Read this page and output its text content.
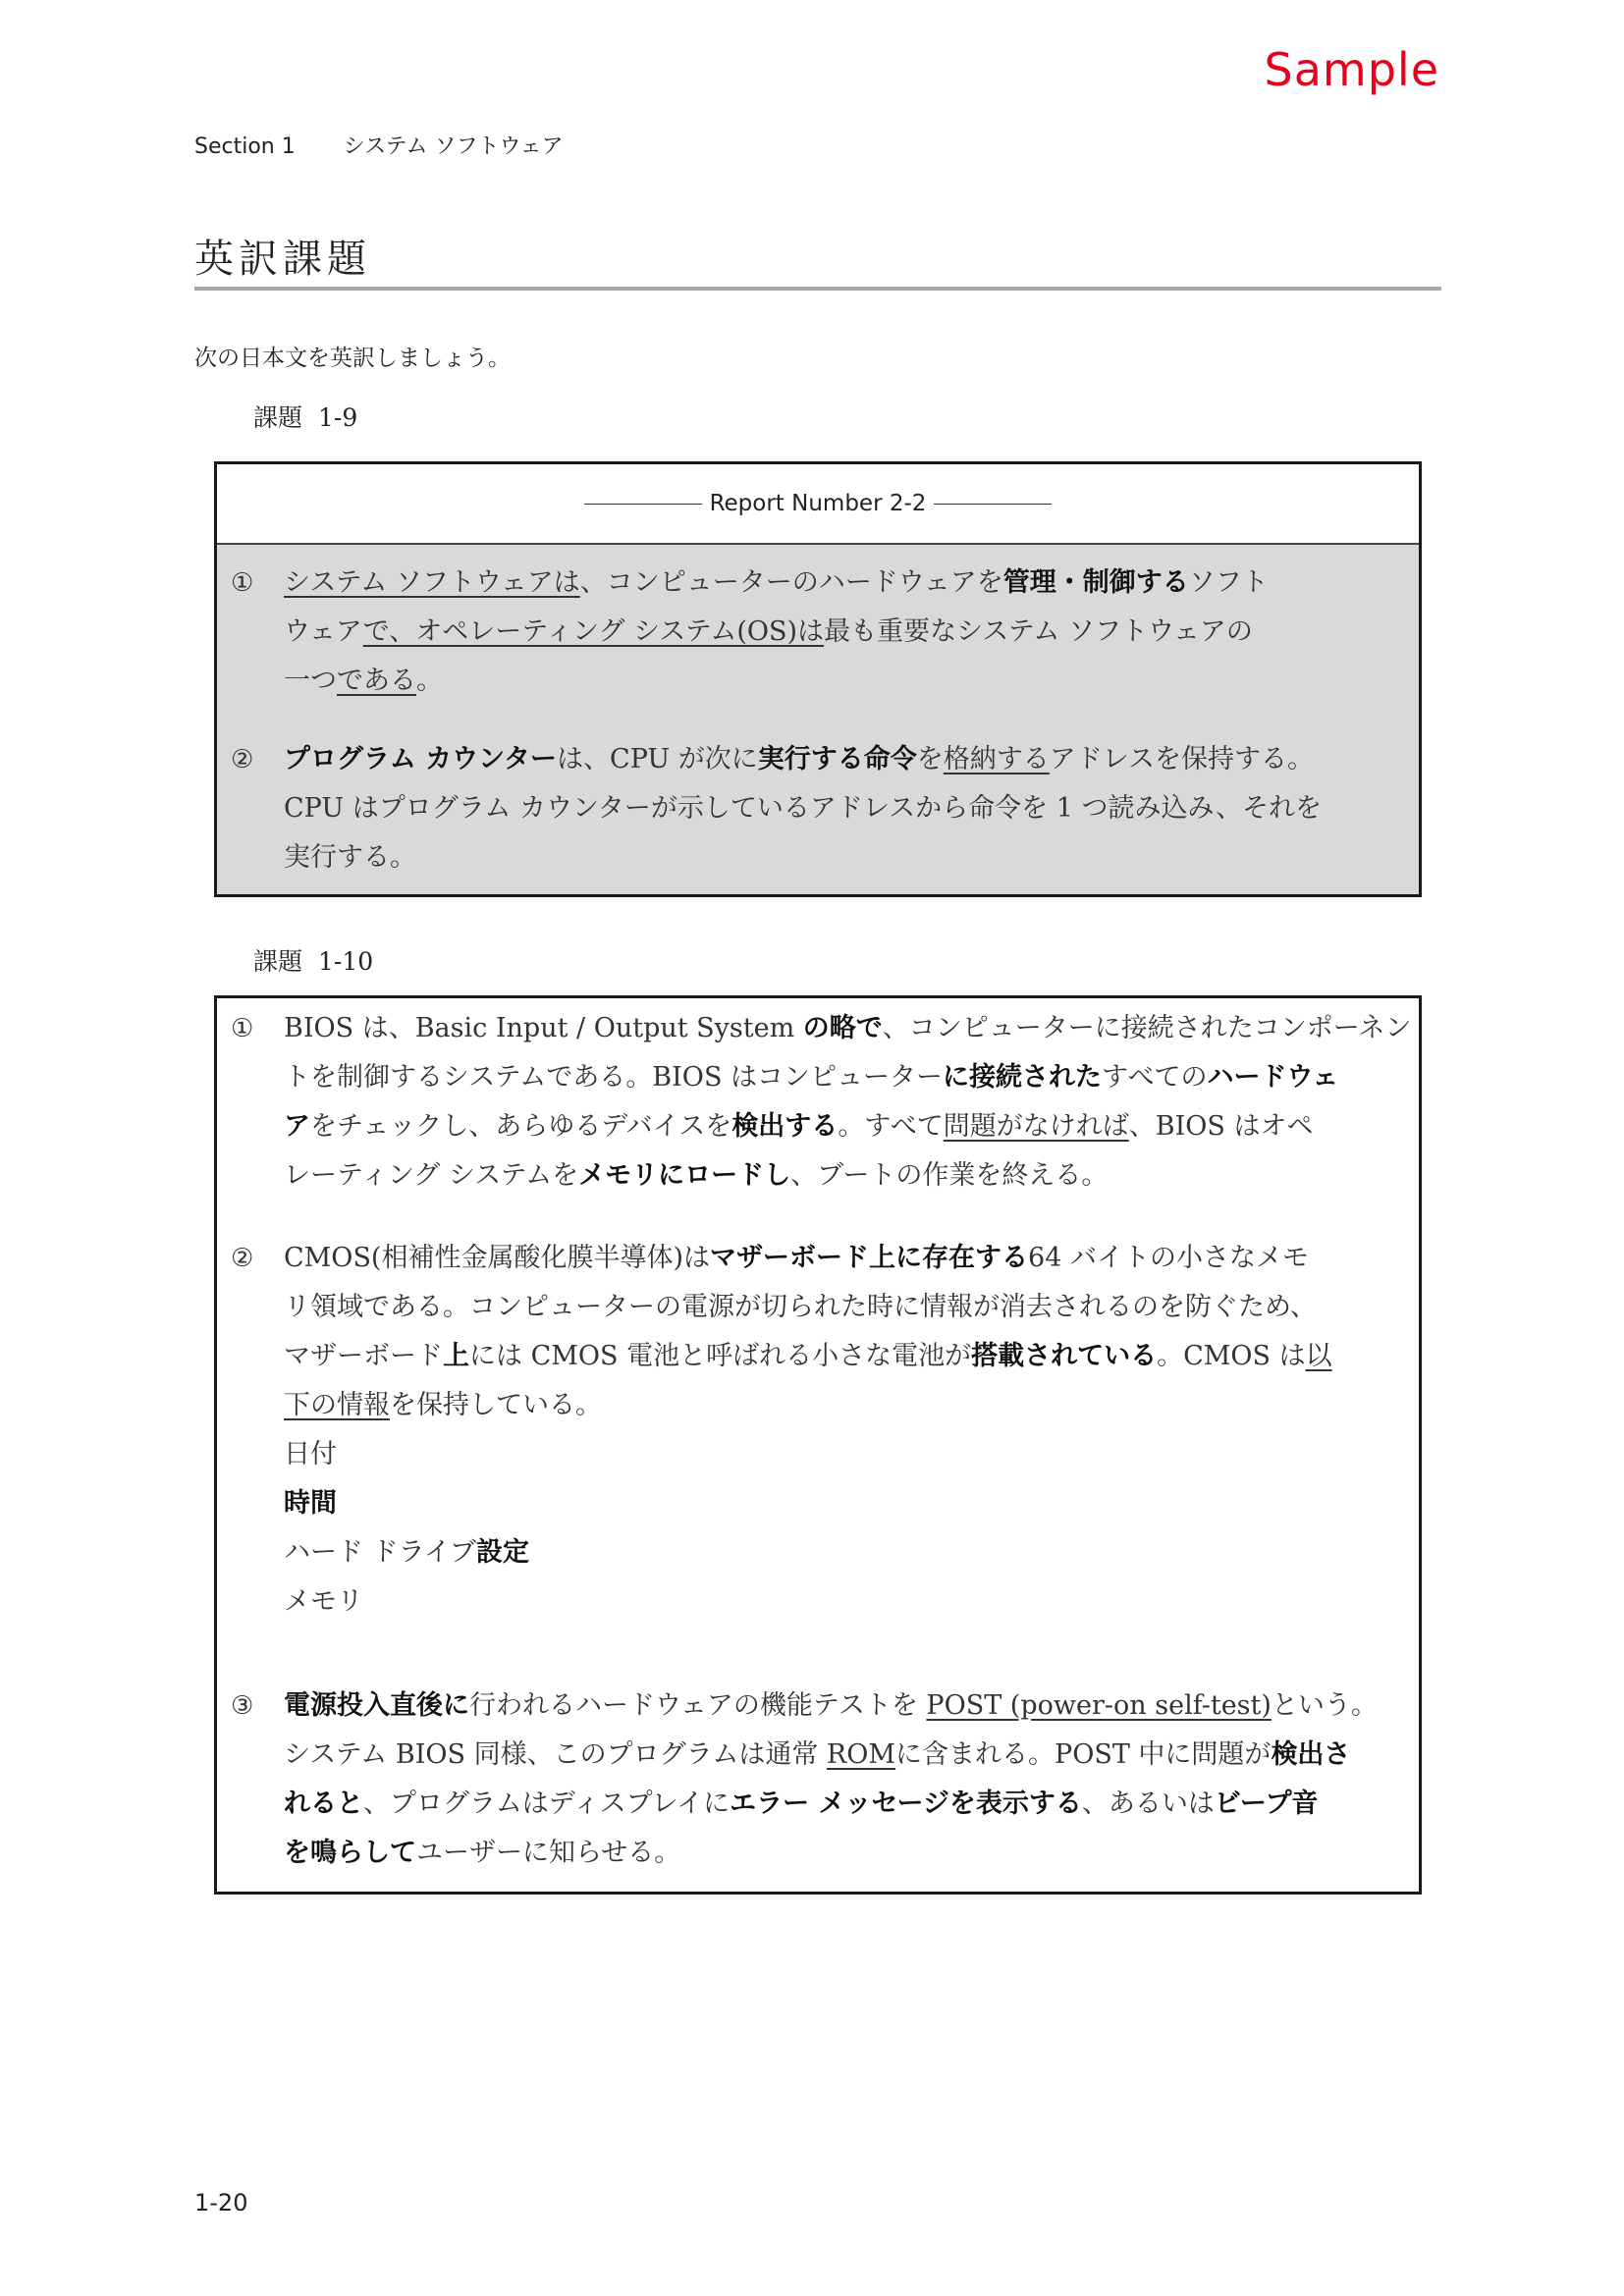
Sample
Section 1 システム ソフトウェア
英訳課題
次の日本文を英訳しましょう。
課題 1-9
Report Number 2-2
① システム ソフトウェアは、コンピューターのハードウェアを管理・制御するソフト
ウェアで、オペレーティング システム(OS)は最も重要なシステム ソフトウェアの
一つである。
② プログラム カウンターは、CPU が次に実行する命令を格納するアドレスを保持する。
CPU はプログラム カウンターが示しているアドレスから命令を 1 つ読み込み、それを
実行する。
課題 1-10
① BIOS は、Basic Input / Output System の略で、コンピューターに接続されたコンポーネン
トを制御するシステムである。BIOS はコンピューターに接続されたすべてのハードウェ
アをチェックし、あらゆるデバイスを検出する。すべて問題がなければ、BIOS はオペ
レーティング システムをメモリにロードし、ブートの作業を終える。
② CMOS(相補性金属酸化膜半導体)はマザーボード上に存在する64 バイトの小さなメモ
リ領域である。コンピューターの電源が切られた時に情報が消去されるのを防ぐため、
マザーボード上には CMOS 電池と呼ばれる小さな電池が搭載されている。CMOS は以
下の情報を保持している。
日付
時間
ハード ドライブ設定
メモリ
③ 電源投入直後に行われるハードウェアの機能テストを POST (power-on self-test)という。
システム BIOS 同様、このプログラムは通常 ROMに含まれる。POST 中に問題が検出さ
れると、プログラムはディスプレイにエラー メッセージを表示する、あるいはビープ音
を鳴らしてユーザーに知らせる。
1-20
